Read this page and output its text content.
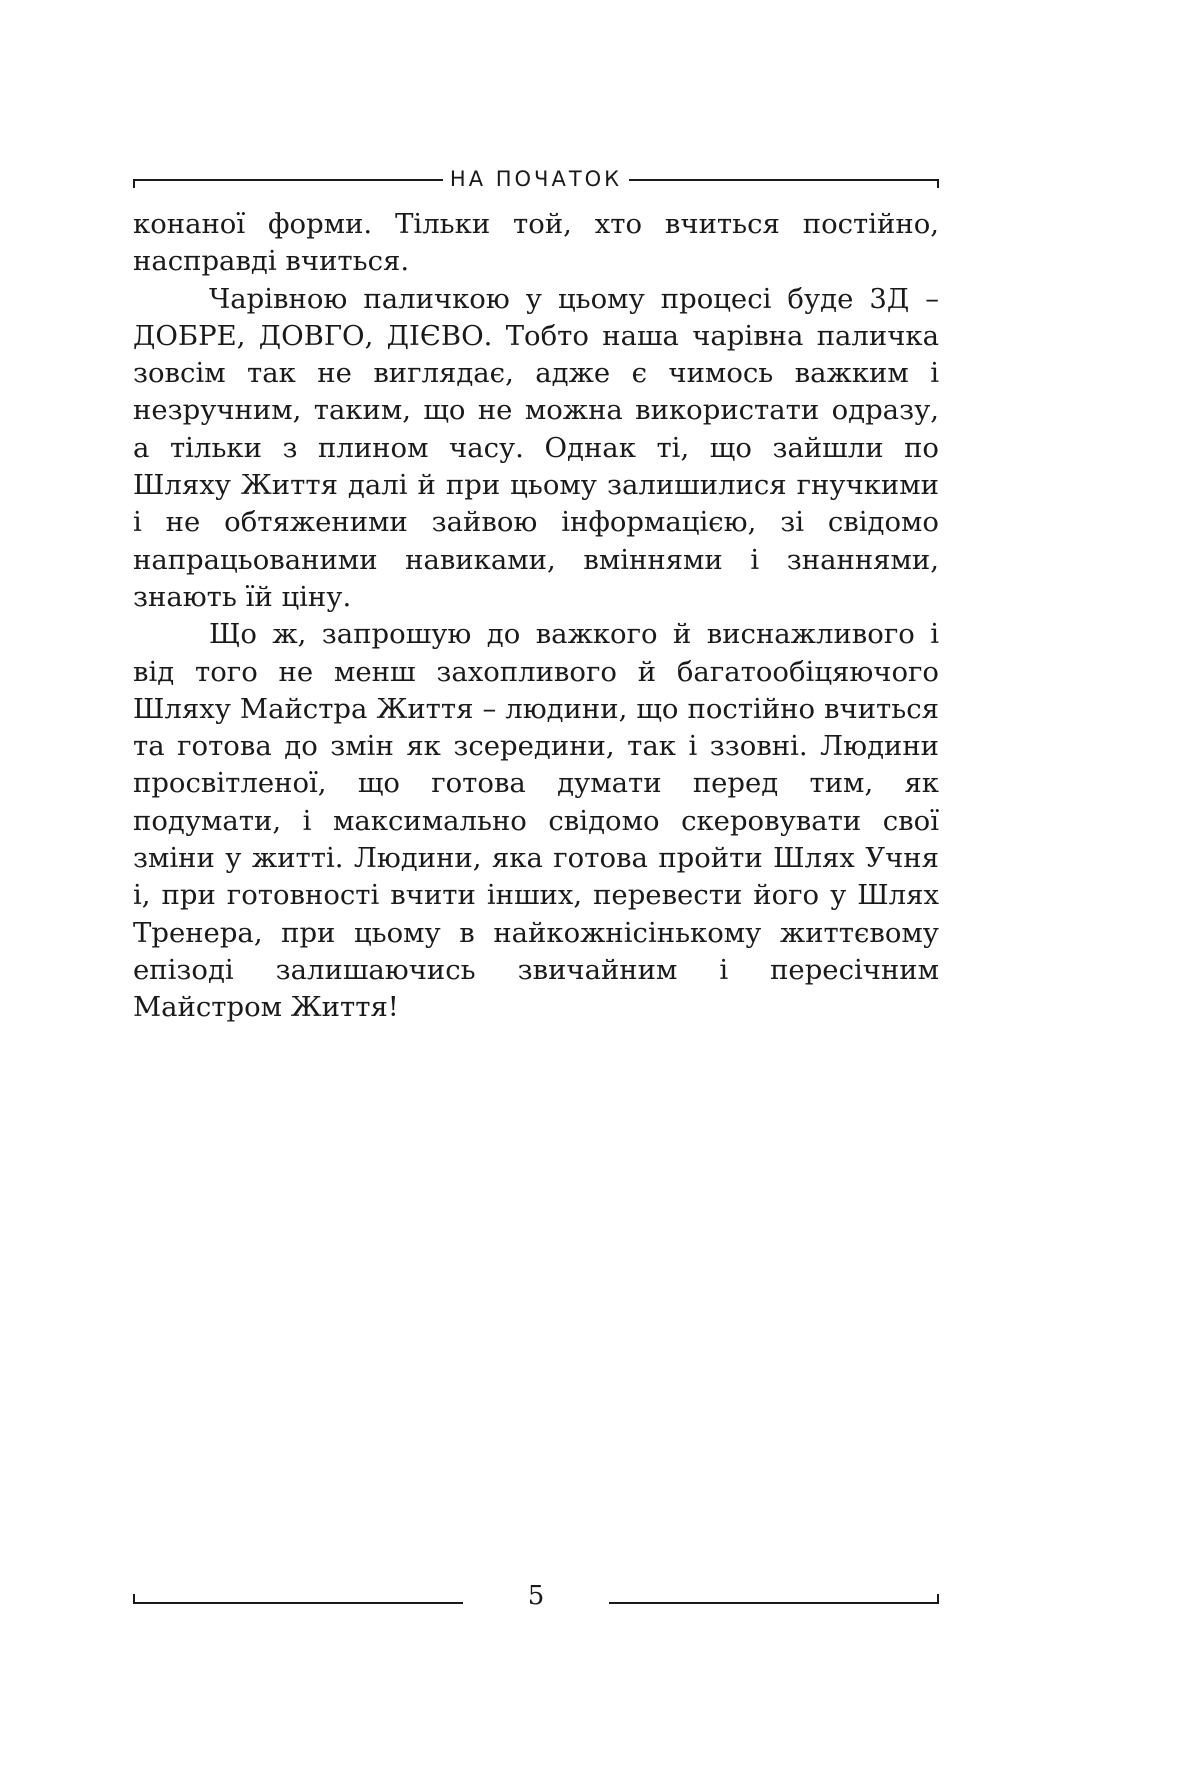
НА ПОЧАТОК

конаної форми. Тільки той, хто вчиться постійно, насправді вчиться.

Чарівною паличкою у цьому процесі буде 3Д – ДОБРЕ, ДОВГО, ДІЄВО. Тобто наша чарівна паличка зовсім так не виглядає, адже є чимось важким і незручним, таким, що не можна використати одразу, а тільки з плином часу. Однак ті, що зайшли по Шляху Життя далі й при цьому залишилися гнучкими і не обтяженими зайвою інформацією, зі свідомо напрацьованими навиками, вміннями і знаннями, знають їй ціну.

Що ж, запрошую до важкого й виснажливого і від того не менш захопливого й багатообіцяючого Шляху Майстра Життя – людини, що постійно вчиться та готова до змін як зсередини, так і ззовні. Людини просвітленої, що готова думати перед тим, як подумати, і максимально свідомо скеровувати свої зміни у житті. Людини, яка готова пройти Шлях Учня і, при готовності вчити інших, перевести його у Шлях Тренера, при цьому в найкожнісінькому життєвому епізоді залишаючись звичайним і пересічним Майстром Життя!

5
